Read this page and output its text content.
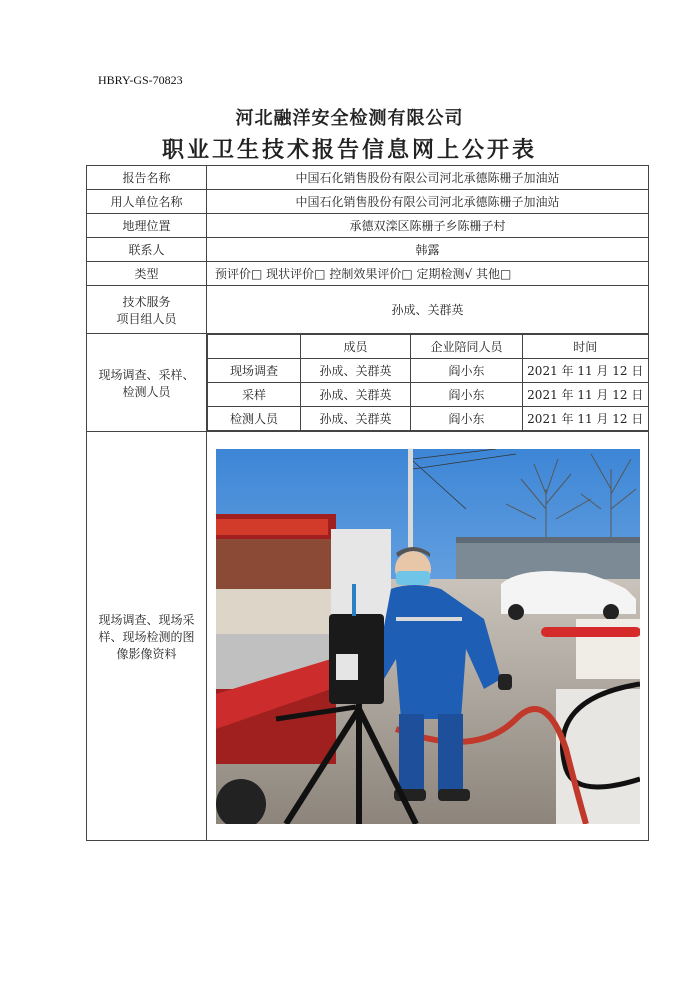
HBRY-GS-70823
河北融洋安全检测有限公司
职业卫生技术报告信息网上公开表
报告名称	中国石化销售股份有限公司河北承德陈栅子加油站
用人单位名称	中国石化销售股份有限公司河北承德陈栅子加油站
地理位置	承德双滦区陈栅子乡陈栅子村
联系人	韩露
类型	预评价□ 现状评价□ 控制效果评价□ 定期检测√ 其他□

技术服务
项目组人员
	孙成、关群英

现场调查、采样、
检测人员

	成员	企业陪同人员	时间
现场调查	孙成、关群英	阎小东	2021 年 11 月 12 日
采样	孙成、关群英	阎小东	2021 年 11 月 12 日
检测人员	孙成、关群英	阎小东	2021 年 11 月 12 日

现场调查、现场采
样、现场检测的图
像影像资料
